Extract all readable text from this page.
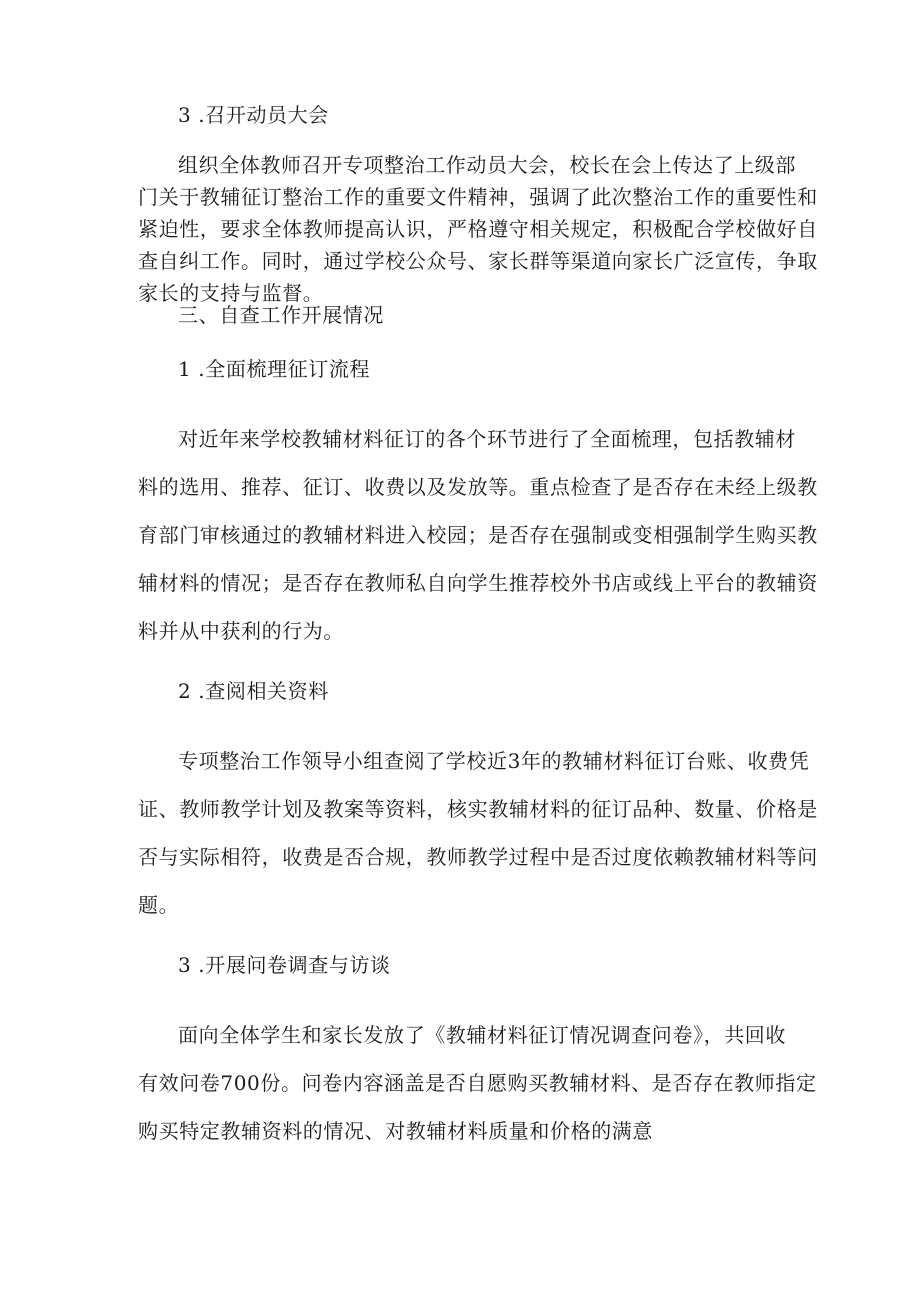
3 .召开动员大会
组织全体教师召开专项整治工作动员大会，校长在会上传达了上级部
门关于教辅征订整治工作的重要文件精神，强调了此次整治工作的重要性和
紧迫性，要求全体教师提高认识，严格遵守相关规定，积极配合学校做好自
查自纠工作。同时，通过学校公众号、家长群等渠道向家长广泛宣传，争取
家长的支持与监督。
三、自查工作开展情况
1 .全面梳理征订流程
对近年来学校教辅材料征订的各个环节进行了全面梳理，包括教辅材
料的选用、推荐、征订、收费以及发放等。重点检查了是否存在未经上级教
育部门审核通过的教辅材料进入校园；是否存在强制或变相强制学生购买教
辅材料的情况；是否存在教师私自向学生推荐校外书店或线上平台的教辅资
料并从中获利的行为。
2 .查阅相关资料
专项整治工作领导小组查阅了学校近3年的教辅材料征订台账、收费凭
证、教师教学计划及教案等资料，核实教辅材料的征订品种、数量、价格是
否与实际相符，收费是否合规，教师教学过程中是否过度依赖教辅材料等问
题。
3 .开展问卷调查与访谈
面向全体学生和家长发放了《教辅材料征订情况调查问卷》，共回收
有效问卷700份。问卷内容涵盖是否自愿购买教辅材料、是否存在教师指定
购买特定教辅资料的情况、对教辅材料质量和价格的满意
